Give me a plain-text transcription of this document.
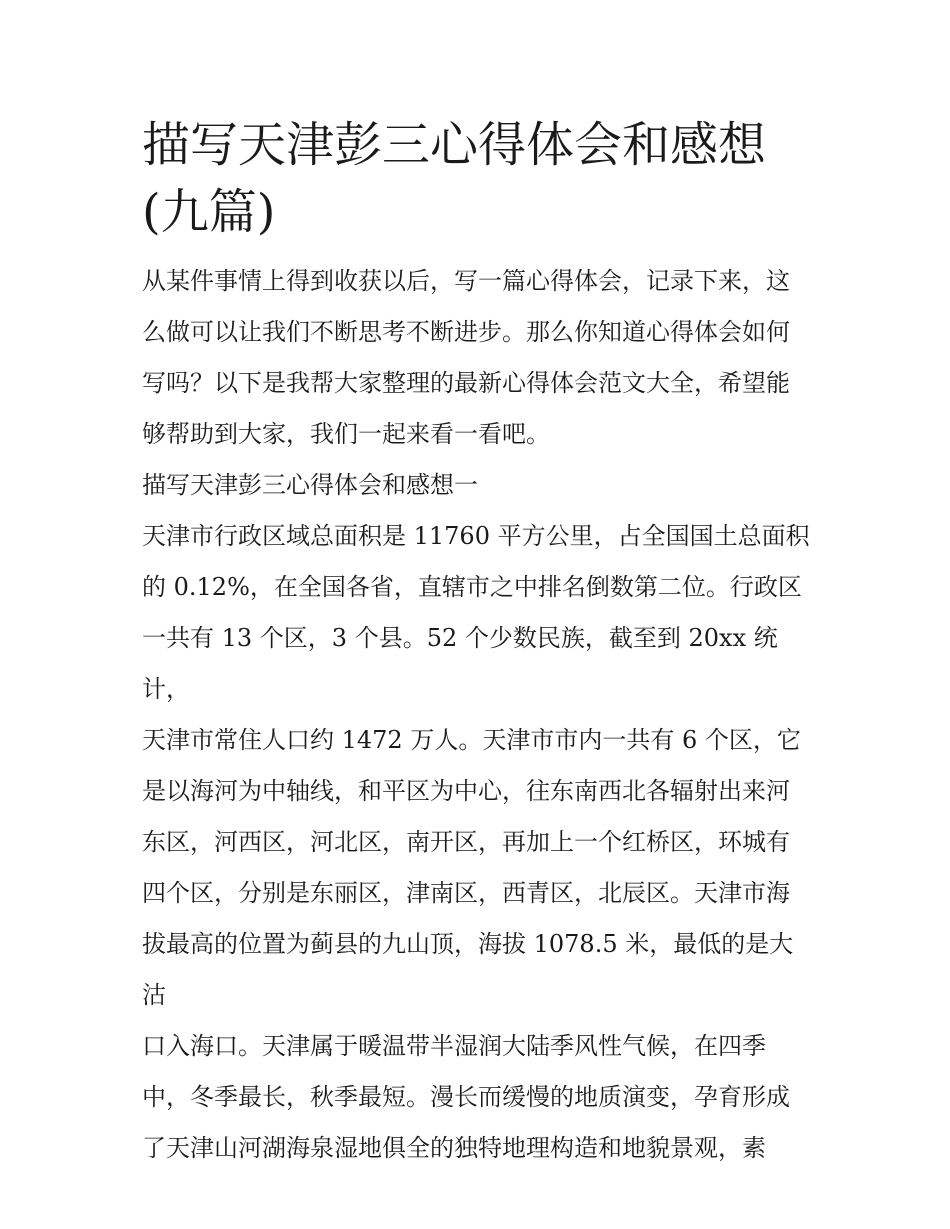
描写天津彭三心得体会和感想
(九篇)
从某件事情上得到收获以后，写一篇心得体会，记录下来，这
么做可以让我们不断思考不断进步。那么你知道心得体会如何
写吗？以下是我帮大家整理的最新心得体会范文大全，希望能
够帮助到大家，我们一起来看一看吧。
描写天津彭三心得体会和感想一
天津市行政区域总面积是 11760 平方公里，占全国国土总面积
的 0.12%，在全国各省，直辖市之中排名倒数第二位。行政区
一共有 13 个区，3 个县。52 个少数民族，截至到 20xx 统计，
天津市常住人口约 1472 万人。天津市市内一共有 6 个区，它
是以海河为中轴线，和平区为中心，往东南西北各辐射出来河
东区，河西区，河北区，南开区，再加上一个红桥区，环城有
四个区，分别是东丽区，津南区，西青区，北辰区。天津市海
拔最高的位置为蓟县的九山顶，海拔 1078.5 米，最低的是大沽
口入海口。天津属于暖温带半湿润大陆季风性气候，在四季
中，冬季最长，秋季最短。漫长而缓慢的地质演变，孕育形成
了天津山河湖海泉湿地俱全的独特地理构造和地貌景观，素
